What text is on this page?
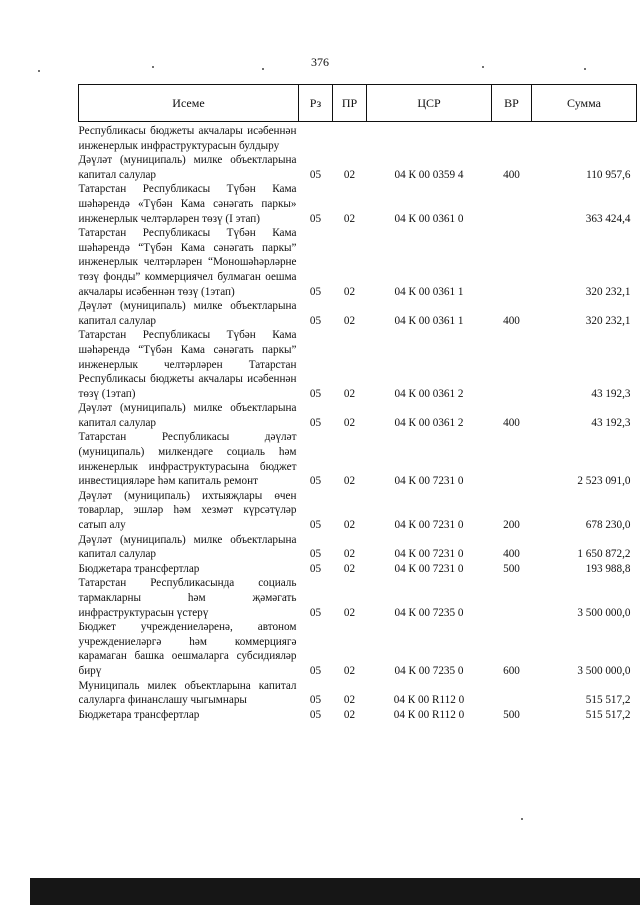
376
Исеме	Рз	ПР	ЦСР	ВР	Сумма
Республикасы бюджеты акчалары исәбеннән инженерлык инфраструктурасын булдыру					
Дәүләт (муниципаль) милке объектларына капитал салулар	05	02	04 К 00 0359 4	400	110 957,6
Татарстан Республикасы Түбән Кама шәһәрендә «Түбән Кама сәнәгать паркы» инженерлык челтәрләрен төзү (I этап)	05	02	04 К 00 0361 0		363 424,4
Татарстан Республикасы Түбән Кама шәһәрендә “Түбән Кама сәнәгать паркы” инженерлык челтәрләрен “Моношәһәрләрне төзү фонды” коммерциячел булмаган оешма акчалары исәбеннән төзү (1этап)	05	02	04 К 00 0361 1		320 232,1
Дәүләт (муниципаль) милке объектларына капитал салулар	05	02	04 К 00 0361 1	400	320 232,1
Татарстан Республикасы Түбән Кама шәһәрендә “Түбән Кама сәнәгать паркы” инженерлык челтәрләрен Татарстан Республикасы бюджеты акчалары исәбеннән төзү (1этап)	05	02	04 К 00 0361 2		43 192,3
Дәүләт (муниципаль) милке объектларына капитал салулар	05	02	04 К 00 0361 2	400	43 192,3
Татарстан Республикасы дәүләт (муниципаль) милкендәге социаль һәм инженерлык инфраструктурасына бюджет инвестицияләре һәм капиталь ремонт	05	02	04 К 00 7231 0		2 523 091,0
Дәүләт (муниципаль) ихтыяҗлары өчен товарлар, эшләр һәм хезмәт күрсәтүләр сатып алу	05	02	04 К 00 7231 0	200	678 230,0
Дәүләт (муниципаль) милке объектларына капитал салулар	05	02	04 К 00 7231 0	400	1 650 872,2
Бюджетара трансфертлар	05	02	04 К 00 7231 0	500	193 988,8
Татарстан Республикасында социаль тармакларны һәм җәмәгать инфраструктурасын үстерү	05	02	04 К 00 7235 0		3 500 000,0
Бюджет учреждениеләренә, автоном учреждениеләргә һәм коммерциягә карамаган башка оешмаларга субсидияләр бирү	05	02	04 К 00 7235 0	600	3 500 000,0
Муниципаль милек объектларына капитал салуларга финанслашу чыгымнары	05	02	04 К 00 R112 0		515 517,2
Бюджетара трансфертлар	05	02	04 К 00 R112 0	500	515 517,2
